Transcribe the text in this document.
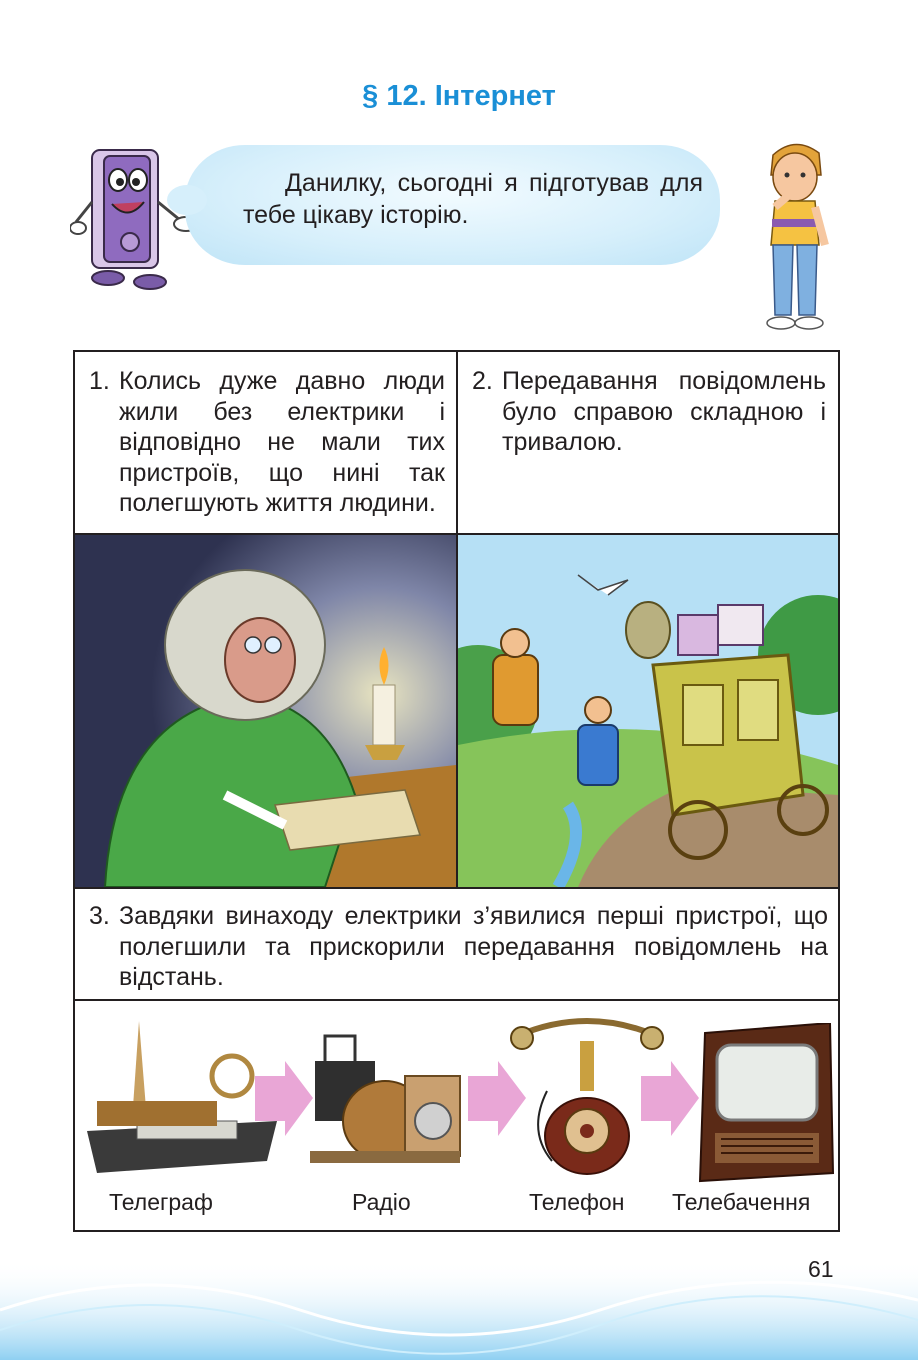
§ 12. Інтернет
Данилку, сьогодні я підготував для тебе цікаву історію.
1. Колись дуже давно люди жили без електрики і відповідно не мали тих пристроїв, що нині так полегшують життя людини.
2. Передавання повідомлень було справою складною і тривалою.
3. Завдяки винаходу електрики з’явилися перші пристрої, що полегшили та прискорили передавання повідомлень на відстань.
Телеграф	Радіо	Телефон Телебачення
61
